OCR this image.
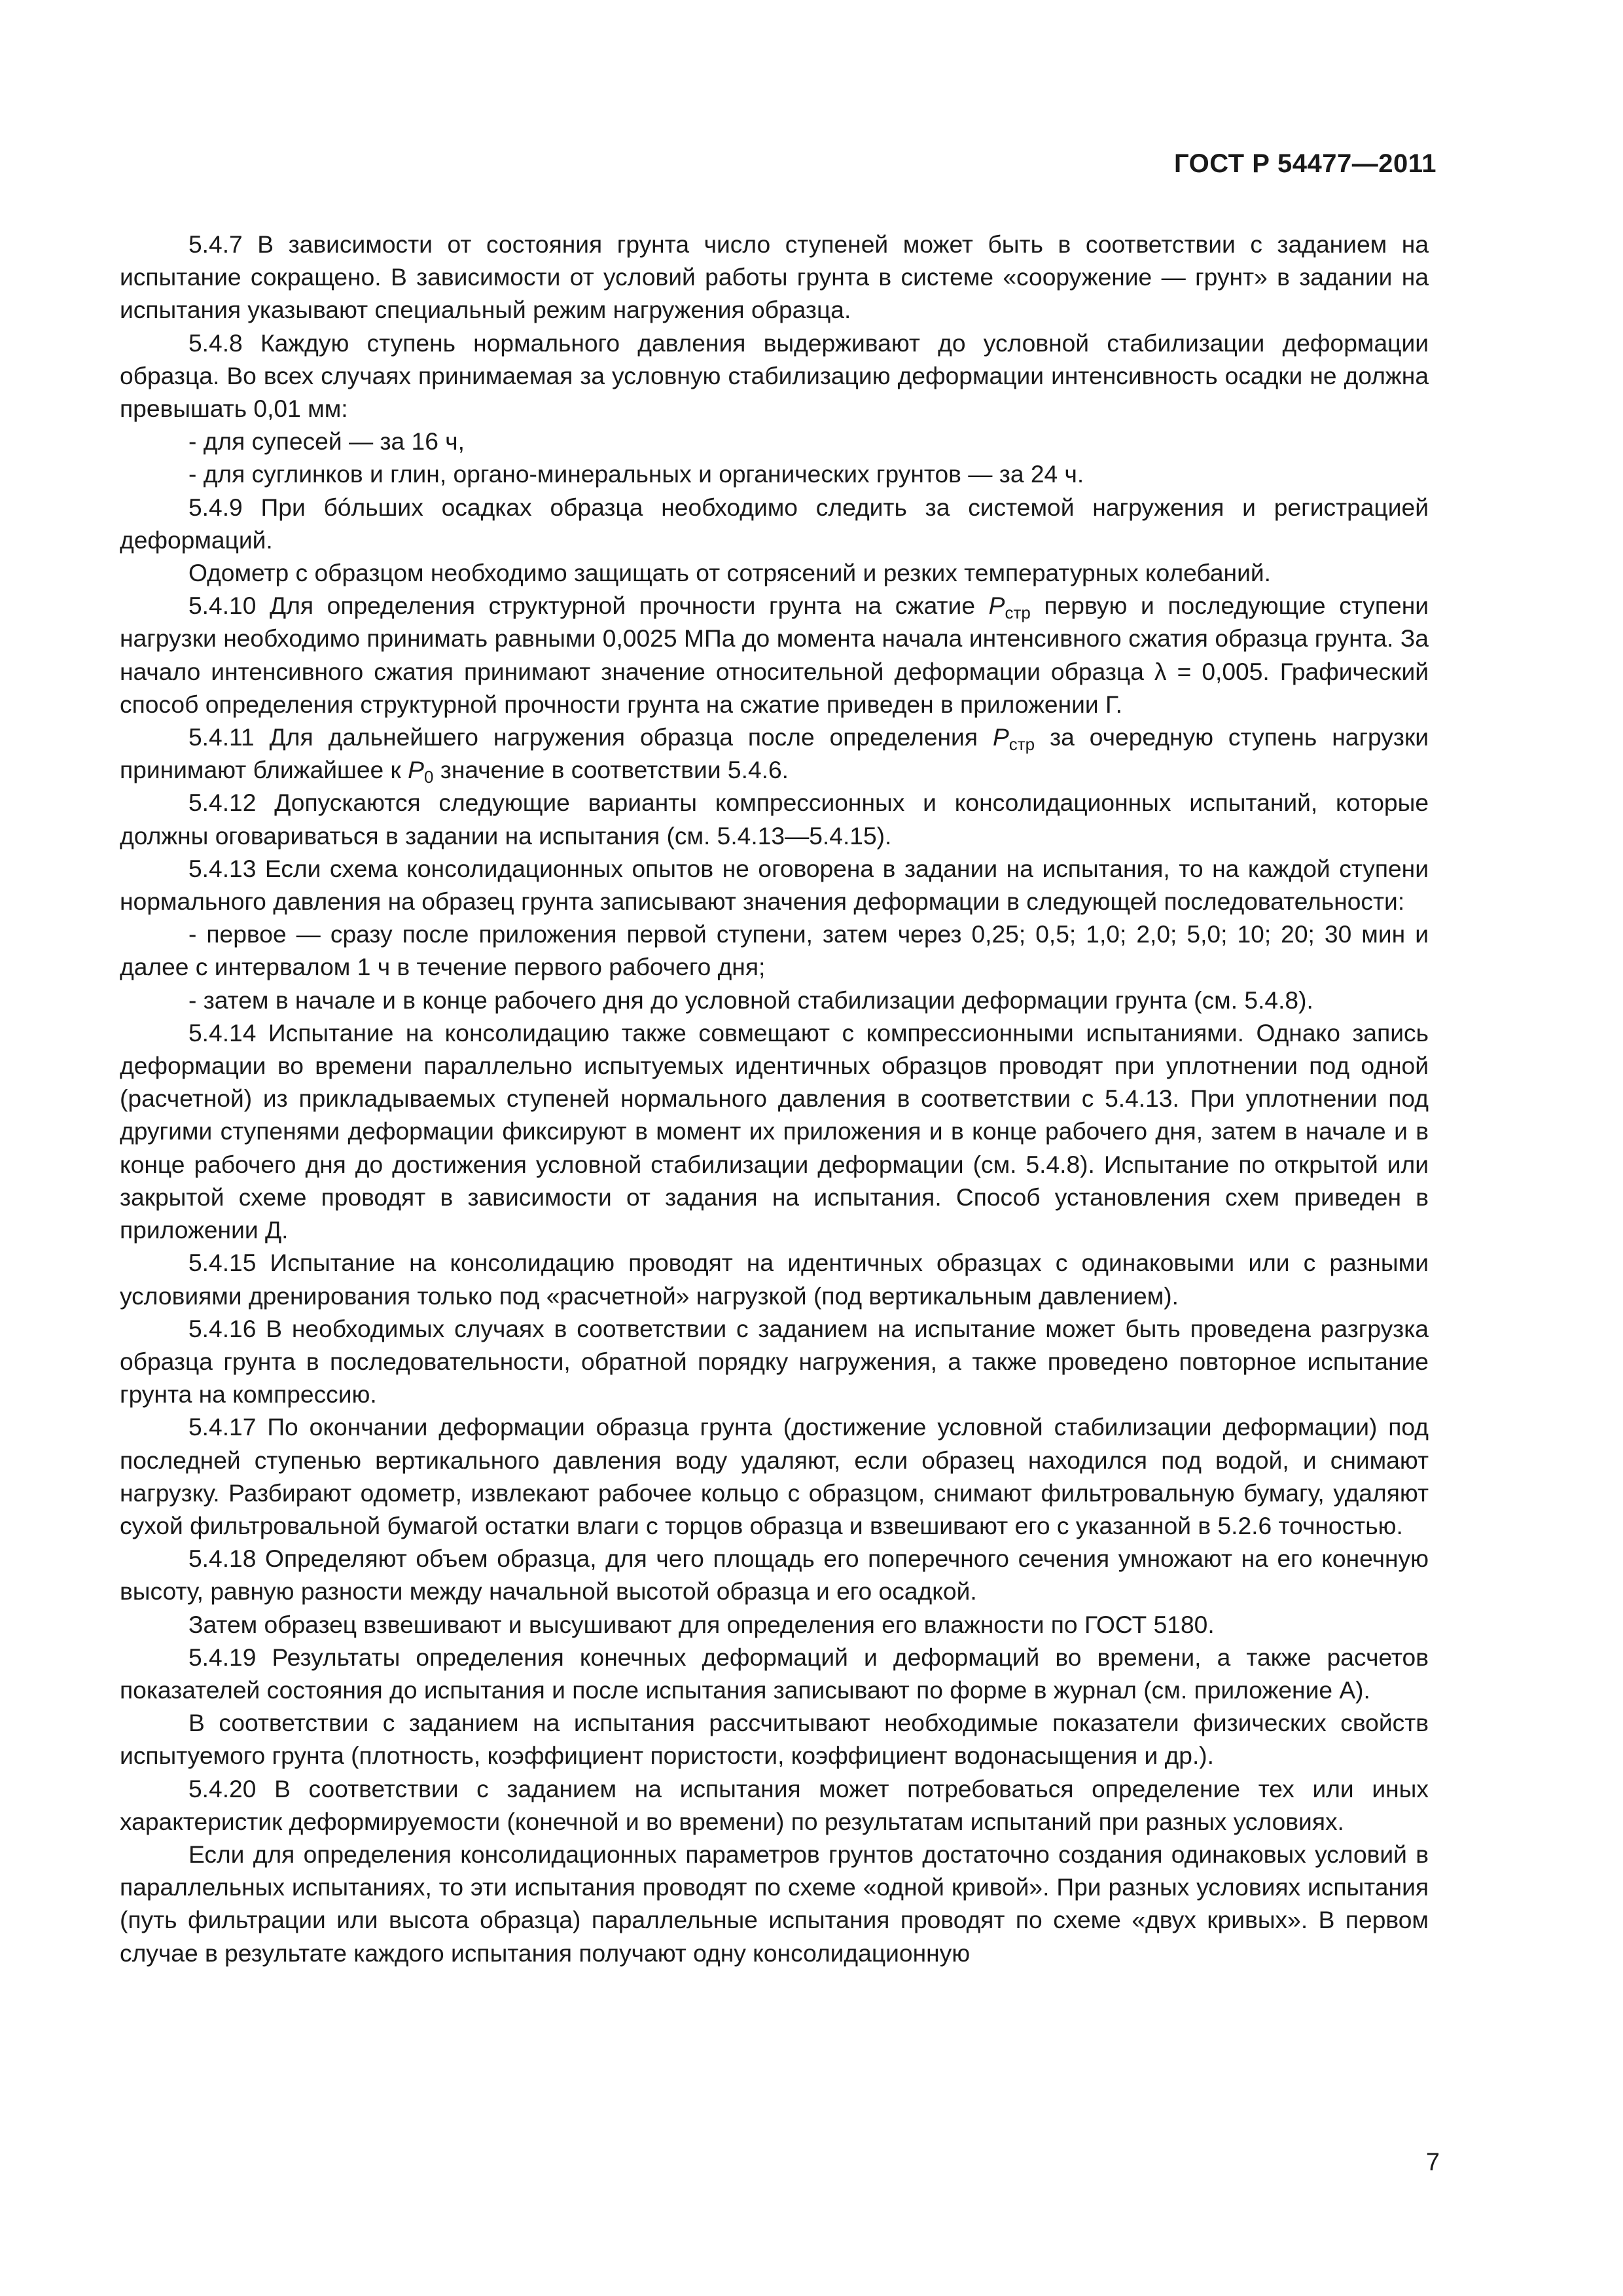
ГОСТ Р 54477—2011

5.4.7 В зависимости от состояния грунта число ступеней может быть в соответствии с заданием на испытание сокращено. В зависимости от условий работы грунта в системе «сооружение — грунт» в задании на испытания указывают специальный режим нагружения образца.

5.4.8 Каждую ступень нормального давления выдерживают до условной стабилизации деформации образца. Во всех случаях принимаемая за условную стабилизацию деформации интенсивность осадки не должна превышать 0,01 мм:

- для супесей — за 16 ч,

- для суглинков и глин, органо-минеральных и органических грунтов — за 24 ч.

5.4.9 При бóльших осадках образца необходимо следить за системой нагружения и регистрацией деформаций.

Одометр с образцом необходимо защищать от сотрясений и резких температурных колебаний.

5.4.10 Для определения структурной прочности грунта на сжатие $P_{стр}$ первую и последующие ступени нагрузки необходимо принимать равными 0,0025 МПа до момента начала интенсивного сжатия образца грунта. За начало интенсивного сжатия принимают значение относительной деформации образца λ = 0,005. Графический способ определения структурной прочности грунта на сжатие приведен в приложении Г.

5.4.11 Для дальнейшего нагружения образца после определения $P_{стр}$ за очередную ступень нагрузки принимают ближайшее к $P_0$ значение в соответствии 5.4.6.

5.4.12 Допускаются следующие варианты компрессионных и консолидационных испытаний, которые должны оговариваться в задании на испытания (см. 5.4.13—5.4.15).

5.4.13 Если схема консолидационных опытов не оговорена в задании на испытания, то на каждой ступени нормального давления на образец грунта записывают значения деформации в следующей последовательности:

- первое — сразу после приложения первой ступени, затем через 0,25; 0,5; 1,0; 2,0; 5,0; 10; 20; 30 мин и далее с интервалом 1 ч в течение первого рабочего дня;

- затем в начале и в конце рабочего дня до условной стабилизации деформации грунта (см. 5.4.8).

5.4.14 Испытание на консолидацию также совмещают с компрессионными испытаниями. Однако запись деформации во времени параллельно испытуемых идентичных образцов проводят при уплотнении под одной (расчетной) из прикладываемых ступеней нормального давления в соответствии с 5.4.13. При уплотнении под другими ступенями деформации фиксируют в момент их приложения и в конце рабочего дня, затем в начале и в конце рабочего дня до достижения условной стабилизации деформации (см. 5.4.8). Испытание по открытой или закрытой схеме проводят в зависимости от задания на испытания. Способ установления схем приведен в приложении Д.

5.4.15 Испытание на консолидацию проводят на идентичных образцах с одинаковыми или с разными условиями дренирования только под «расчетной» нагрузкой (под вертикальным давлением).

5.4.16 В необходимых случаях в соответствии с заданием на испытание может быть проведена разгрузка образца грунта в последовательности, обратной порядку нагружения, а также проведено повторное испытание грунта на компрессию.

5.4.17 По окончании деформации образца грунта (достижение условной стабилизации деформации) под последней ступенью вертикального давления воду удаляют, если образец находился под водой, и снимают нагрузку. Разбирают одометр, извлекают рабочее кольцо с образцом, снимают фильтровальную бумагу, удаляют сухой фильтровальной бумагой остатки влаги с торцов образца и взвешивают его с указанной в 5.2.6 точностью.

5.4.18 Определяют объем образца, для чего площадь его поперечного сечения умножают на его конечную высоту, равную разности между начальной высотой образца и его осадкой.

Затем образец взвешивают и высушивают для определения его влажности по ГОСТ 5180.

5.4.19 Результаты определения конечных деформаций и деформаций во времени, а также расчетов показателей состояния до испытания и после испытания записывают по форме в журнал (см. приложение А).

В соответствии с заданием на испытания рассчитывают необходимые показатели физических свойств испытуемого грунта (плотность, коэффициент пористости, коэффициент водонасыщения и др.).

5.4.20 В соответствии с заданием на испытания может потребоваться определение тех или иных характеристик деформируемости (конечной и во времени) по результатам испытаний при разных условиях.

Если для определения консолидационных параметров грунтов достаточно создания одинаковых условий в параллельных испытаниях, то эти испытания проводят по схеме «одной кривой». При разных условиях испытания (путь фильтрации или высота образца) параллельные испытания проводят по схеме «двух кривых». В первом случае в результате каждого испытания получают одну консолидационную

7
